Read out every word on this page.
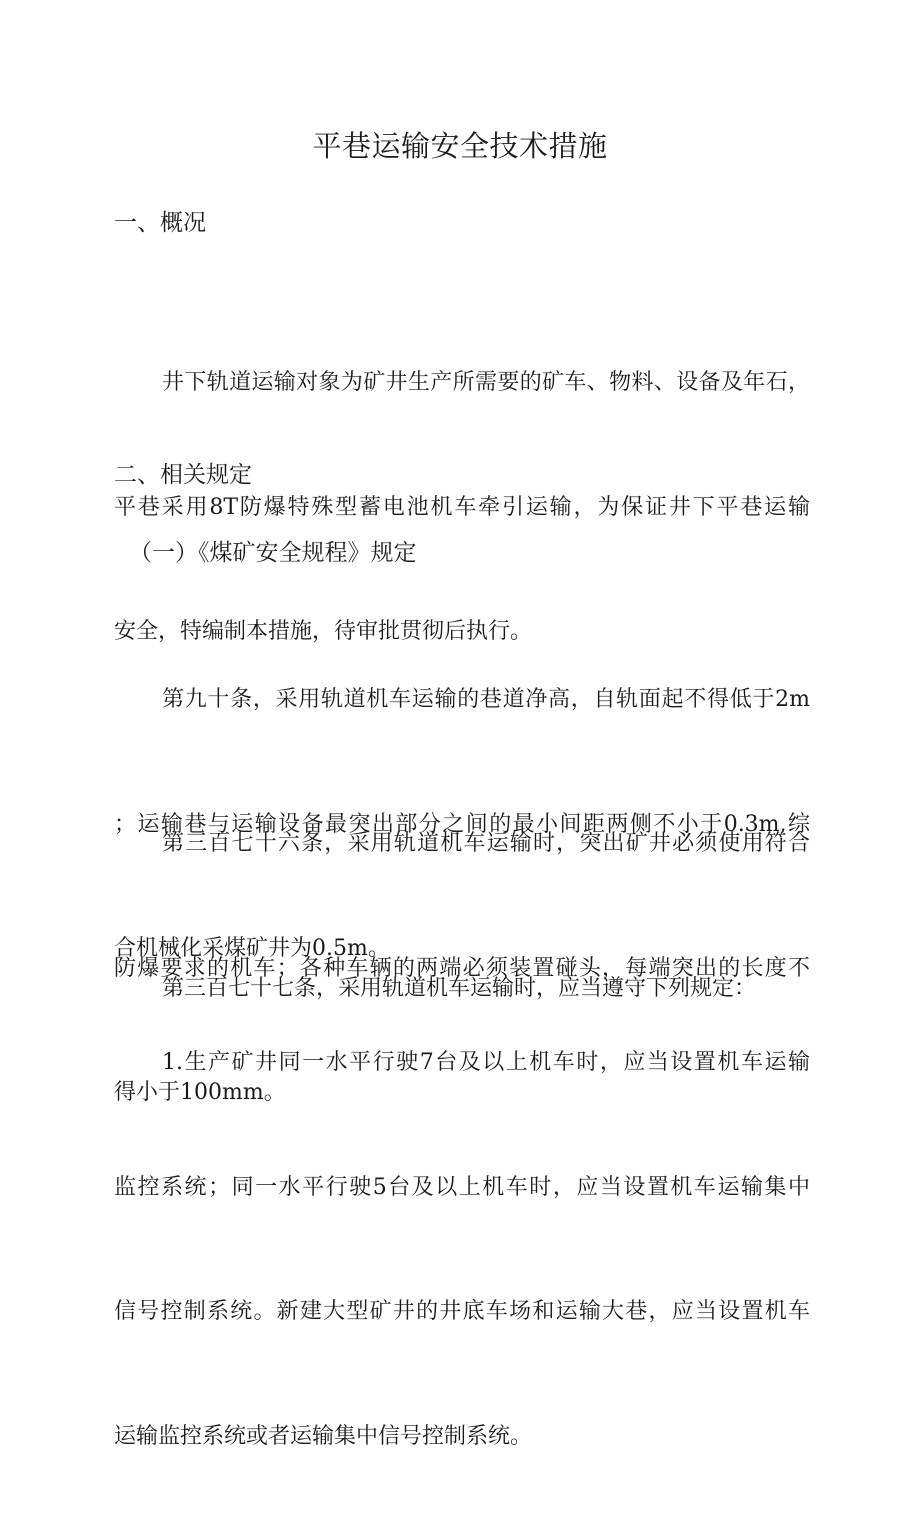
平巷运输安全技术措施
一、概况

井下轨道运输对象为矿井生产所需要的矿车、物料、设备及年石，

平巷采用8T防爆特殊型蓄电池机车牵引运输，为保证井下平巷运输

安全，特编制本措施，待审批贯彻后执行。

二、相关规定
（一）《煤矿安全规程》规定

第九十条，采用轨道机车运输的巷道净高，自轨面起不得低于2m

；运输巷与运输设备最突出部分之间的最小间距两侧不小于0.3m,综

合机械化采煤矿井为0.5m。

第三百七十六条，采用轨道机车运输时，突出矿井必须使用符合

防爆要求的机车；各种车辆的两端必须装置碰头，每端突出的长度不

得小于100mm。

第三百七十七条，采用轨道机车运输时，应当遵守下列规定：

1.生产矿井同一水平行驶7台及以上机车时，应当设置机车运输

监控系统；同一水平行驶5台及以上机车时，应当设置机车运输集中

信号控制系统。新建大型矿井的井底车场和运输大巷，应当设置机车

运输监控系统或者运输集中信号控制系统。
